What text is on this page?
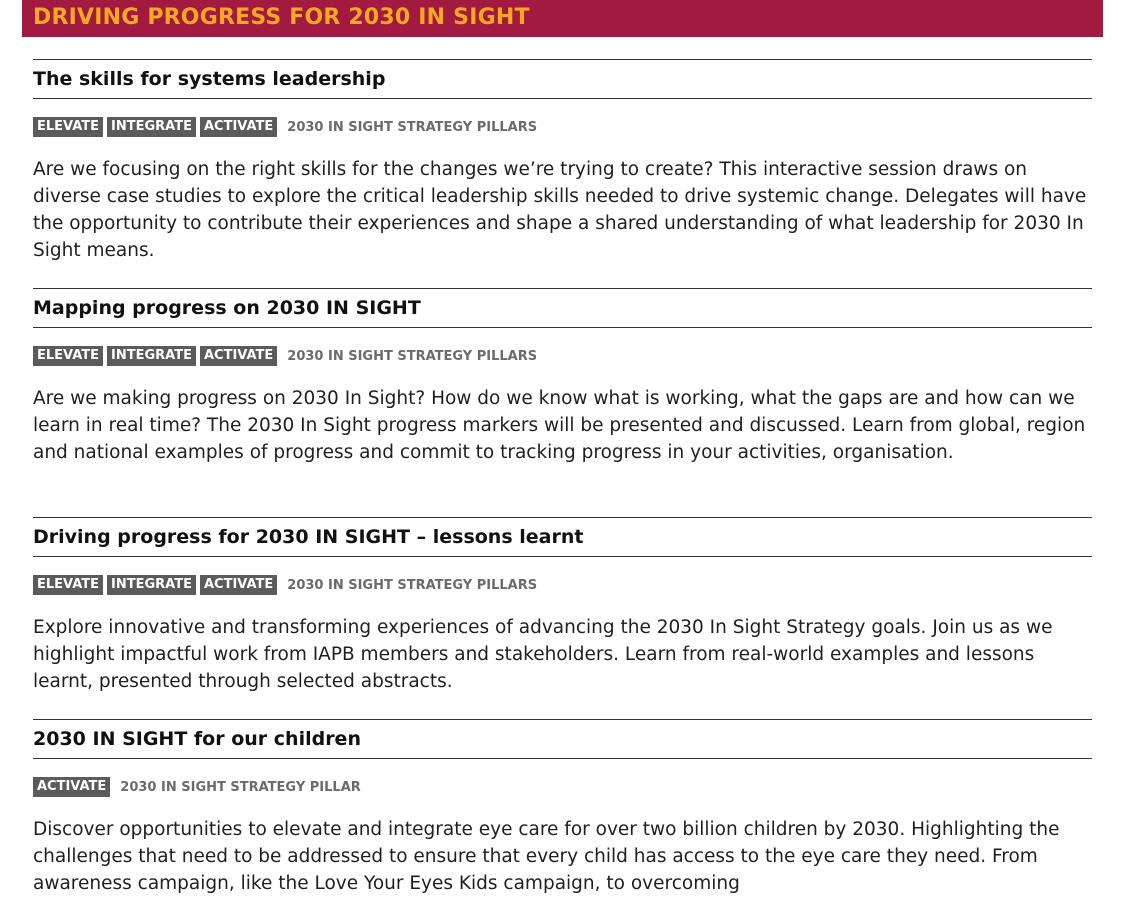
DRIVING PROGRESS FOR 2030 IN SIGHT
The skills for systems leadership
ELEVATE INTEGRATE ACTIVATE	2030 IN SIGHT STRATEGY PILLARS

Are we focusing on the right skills for the changes we’re trying to create? This interactive session draws on diverse case studies to explore the critical leadership skills needed to drive systemic change. Delegates will have the opportunity to contribute their experiences and shape a shared understanding of what leadership for 2030 In Sight means.

Mapping progress on 2030 IN SIGHT
ELEVATE INTEGRATE ACTIVATE	2030 IN SIGHT STRATEGY PILLARS

Are we making progress on 2030 In Sight? How do we know what is working, what the gaps are and how can we learn in real time? The 2030 In Sight progress markers will be presented and discussed. Learn from global, region and national examples of progress and commit to tracking progress in your activities, organisation.

Driving progress for 2030 IN SIGHT – lessons learnt
ELEVATE INTEGRATE ACTIVATE	2030 IN SIGHT STRATEGY PILLARS

Explore innovative and transforming experiences of advancing the 2030 In Sight Strategy goals. Join us as we highlight impactful work from IAPB members and stakeholders. Learn from real-world examples and lessons learnt, presented through selected abstracts.

2030 IN SIGHT for our children
ACTIVATE	2030 IN SIGHT STRATEGY PILLAR

Discover opportunities to elevate and integrate eye care for over two billion children by 2030. Highlighting the challenges that need to be addressed to ensure that every child has access to the eye care they need. From awareness campaign, like the Love Your Eyes Kids campaign, to overcoming
